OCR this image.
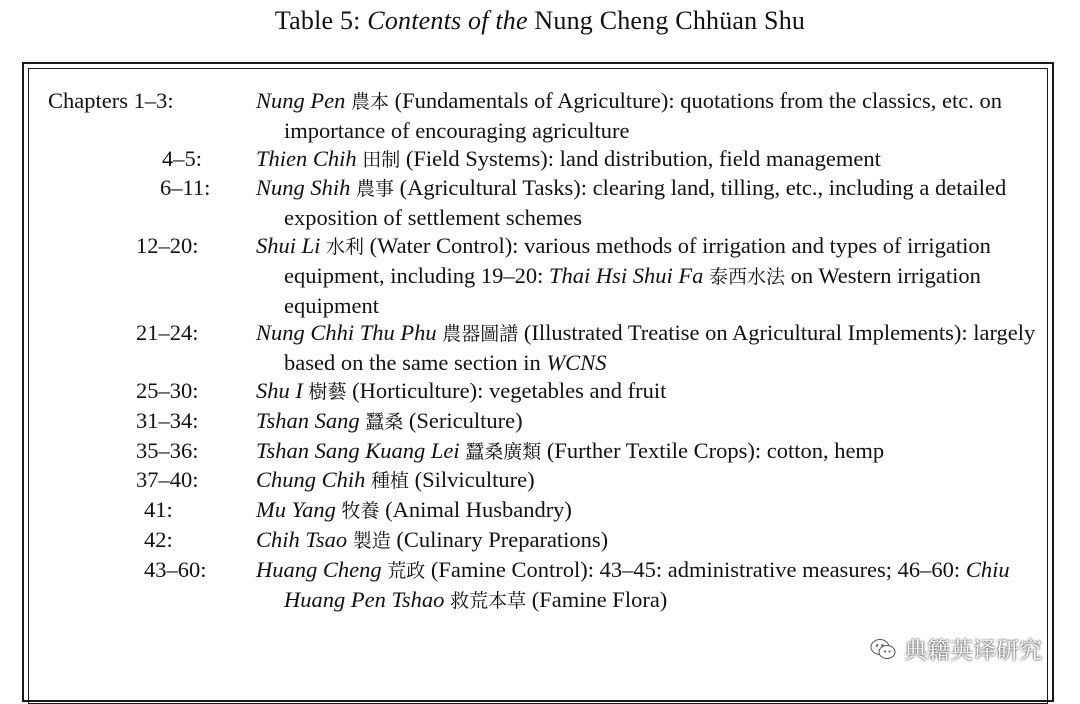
Table 5: Contents of the Nung Cheng Chhüan Shu
Chapters 1–3:	Nung Pen 農本 (Fundamentals of Agriculture): quotations from the classics, etc. on importance of encouraging agriculture
4–5:	Thien Chih 田制 (Field Systems): land distribution, field management
6–11:	Nung Shih 農事 (Agricultural Tasks): clearing land, tilling, etc., including a detailed exposition of settlement schemes
12–20:	Shui Li 水利 (Water Control): various methods of irrigation and types of irrigation equipment, including 19–20: Thai Hsi Shui Fa 泰西水法 on Western irrigation equipment
21–24:	Nung Chhi Thu Phu 農器圖譜 (Illustrated Treatise on Agricultural Implements): largely based on the same section in WCNS
25–30:	Shu I 樹藝 (Horticulture): vegetables and fruit
31–34:	Tshan Sang 蠶桑 (Sericulture)
35–36:	Tshan Sang Kuang Lei 蠶桑廣類 (Further Textile Crops): cotton, hemp
37–40:	Chung Chih 種植 (Silviculture)
41:	Mu Yang 牧養 (Animal Husbandry)
42:	Chih Tsao 製造 (Culinary Preparations)
43–60:	Huang Cheng 荒政 (Famine Control): 43–45: administrative measures; 46–60: Chiu Huang Pen Tshao 救荒本草 (Famine Flora)
典籍英译研究
